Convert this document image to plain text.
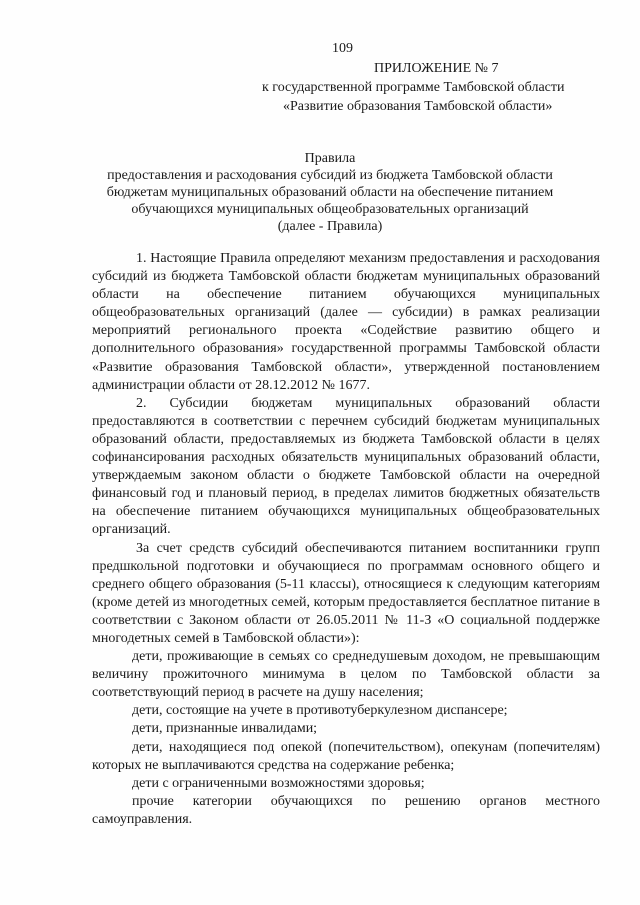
109
ПРИЛОЖЕНИЕ № 7
к государственной программе Тамбовской области
«Развитие образования Тамбовской области»
Правила
предоставления и расходования субсидий из бюджета Тамбовской области
бюджетам муниципальных образований области на обеспечение питанием
обучающихся муниципальных общеобразовательных организаций
(далее - Правила)

1. Настоящие Правила определяют механизм предоставления и расходования субсидий из бюджета Тамбовской области бюджетам муниципальных образований области на обеспечение питанием обучающихся муниципальных общеобразовательных организаций (далее — субсидии) в рамках реализации мероприятий регионального проекта «Содействие развитию общего и дополнительного образования» государственной программы Тамбовской области «Развитие образования Тамбовской области», утвержденной постановлением администрации области от 28.12.2012 № 1677.

2. Субсидии бюджетам муниципальных образований области предоставляются в соответствии с перечнем субсидий бюджетам муниципальных образований области, предоставляемых из бюджета Тамбовской области в целях софинансирования расходных обязательств муниципальных образований области, утверждаемым законом области о бюджете Тамбовской области на очередной финансовый год и плановый период, в пределах лимитов бюджетных обязательств на обеспечение питанием обучающихся муниципальных общеобразовательных организаций.

За счет средств субсидий обеспечиваются питанием воспитанники групп предшкольной подготовки и обучающиеся по программам основного общего и среднего общего образования (5-11 классы), относящиеся к следующим категориям (кроме детей из многодетных семей, которым предоставляется бесплатное питание в соответствии с Законом области от 26.05.2011 № 11-З «О социальной поддержке многодетных семей в Тамбовской области»):

дети, проживающие в семьях со среднедушевым доходом, не превышающим величину прожиточного минимума в целом по Тамбовской области за соответствующий период в расчете на душу населения;

дети, состоящие на учете в противотуберкулезном диспансере;

дети, признанные инвалидами;

дети, находящиеся под опекой (попечительством), опекунам (попечителям) которых не выплачиваются средства на содержание ребенка;

дети с ограниченными возможностями здоровья;

прочие категории обучающихся по решению органов местного самоуправления.
